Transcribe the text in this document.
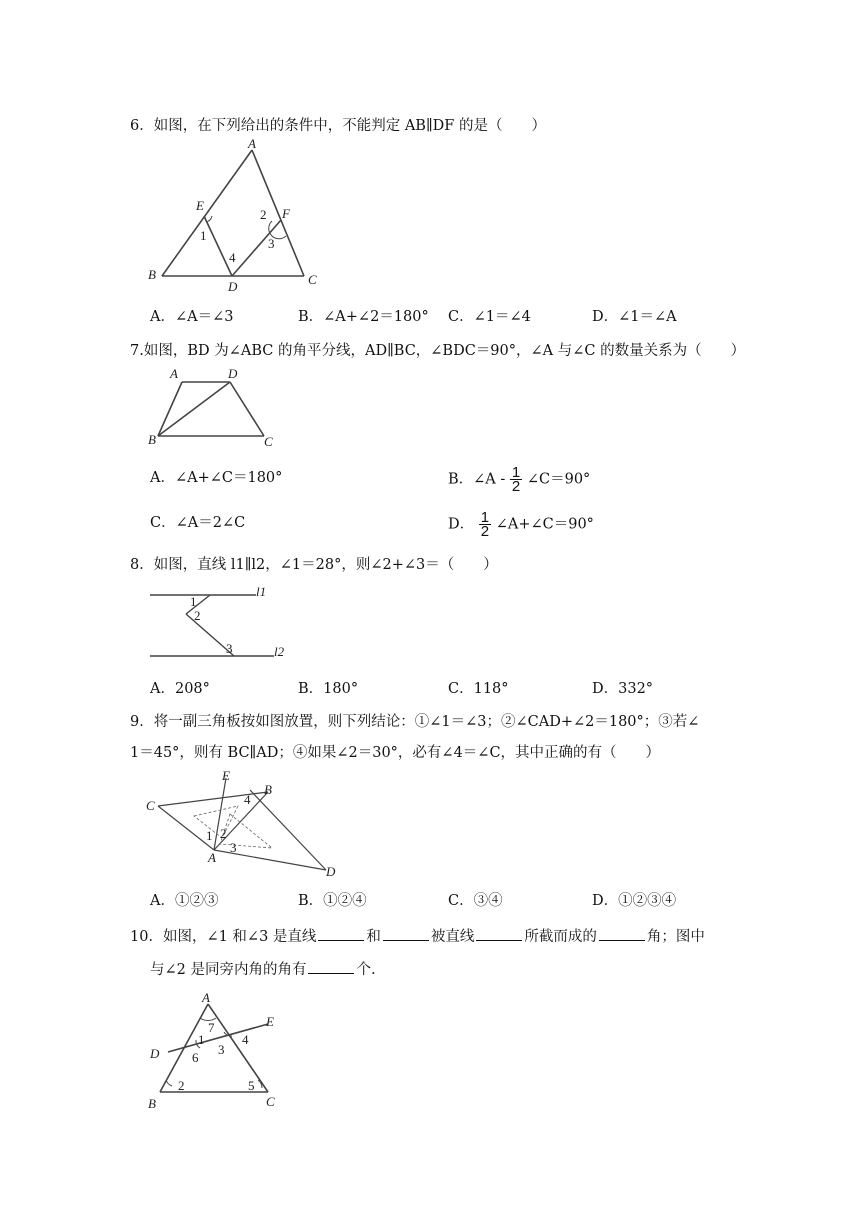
6．如图，在下列给出的条件中，不能判定 AB∥DF 的是（　　）
A
B	C
D
E
F
1
2
3
4
A．∠A＝∠3	B．∠A+∠2＝180° C．∠1＝∠4	D．∠1＝∠A
7.如图，BD 为∠ABC 的角平分线，AD∥BC，∠BDC＝90°，∠A 与∠C 的数量关系为（　　）
A	D
B	C
A．∠A+∠C＝180°	B．∠A - $\frac{1}{2}$ ∠C＝90°
C．∠A＝2∠C	D． $\frac{1}{2}$ ∠A+∠C＝90°
8．如图，直线 l1∥l2，∠1＝28°，则∠2+∠3＝（　　）
l1
l2
1
2
3
A．208°	B．180°	C．118°	D．332°
9．将一副三角板按如图放置，则下列结论：①∠1＝∠3；②∠CAD+∠2＝180°；③若∠
1＝45°，则有 BC∥AD；④如果∠2＝30°，必有∠4＝∠C，其中正确的有（　　）
C
B
E
A
D
1 2
3
4
A．①②③	B．①②④	C．③④	D．①②③④
10．如图，∠1 和∠3 是直线	和	被直线	所截而成的	角；图中
与∠2 是同旁内角的角有	个.
A
B	C
D
E
1
2
3
4
5
6
7
